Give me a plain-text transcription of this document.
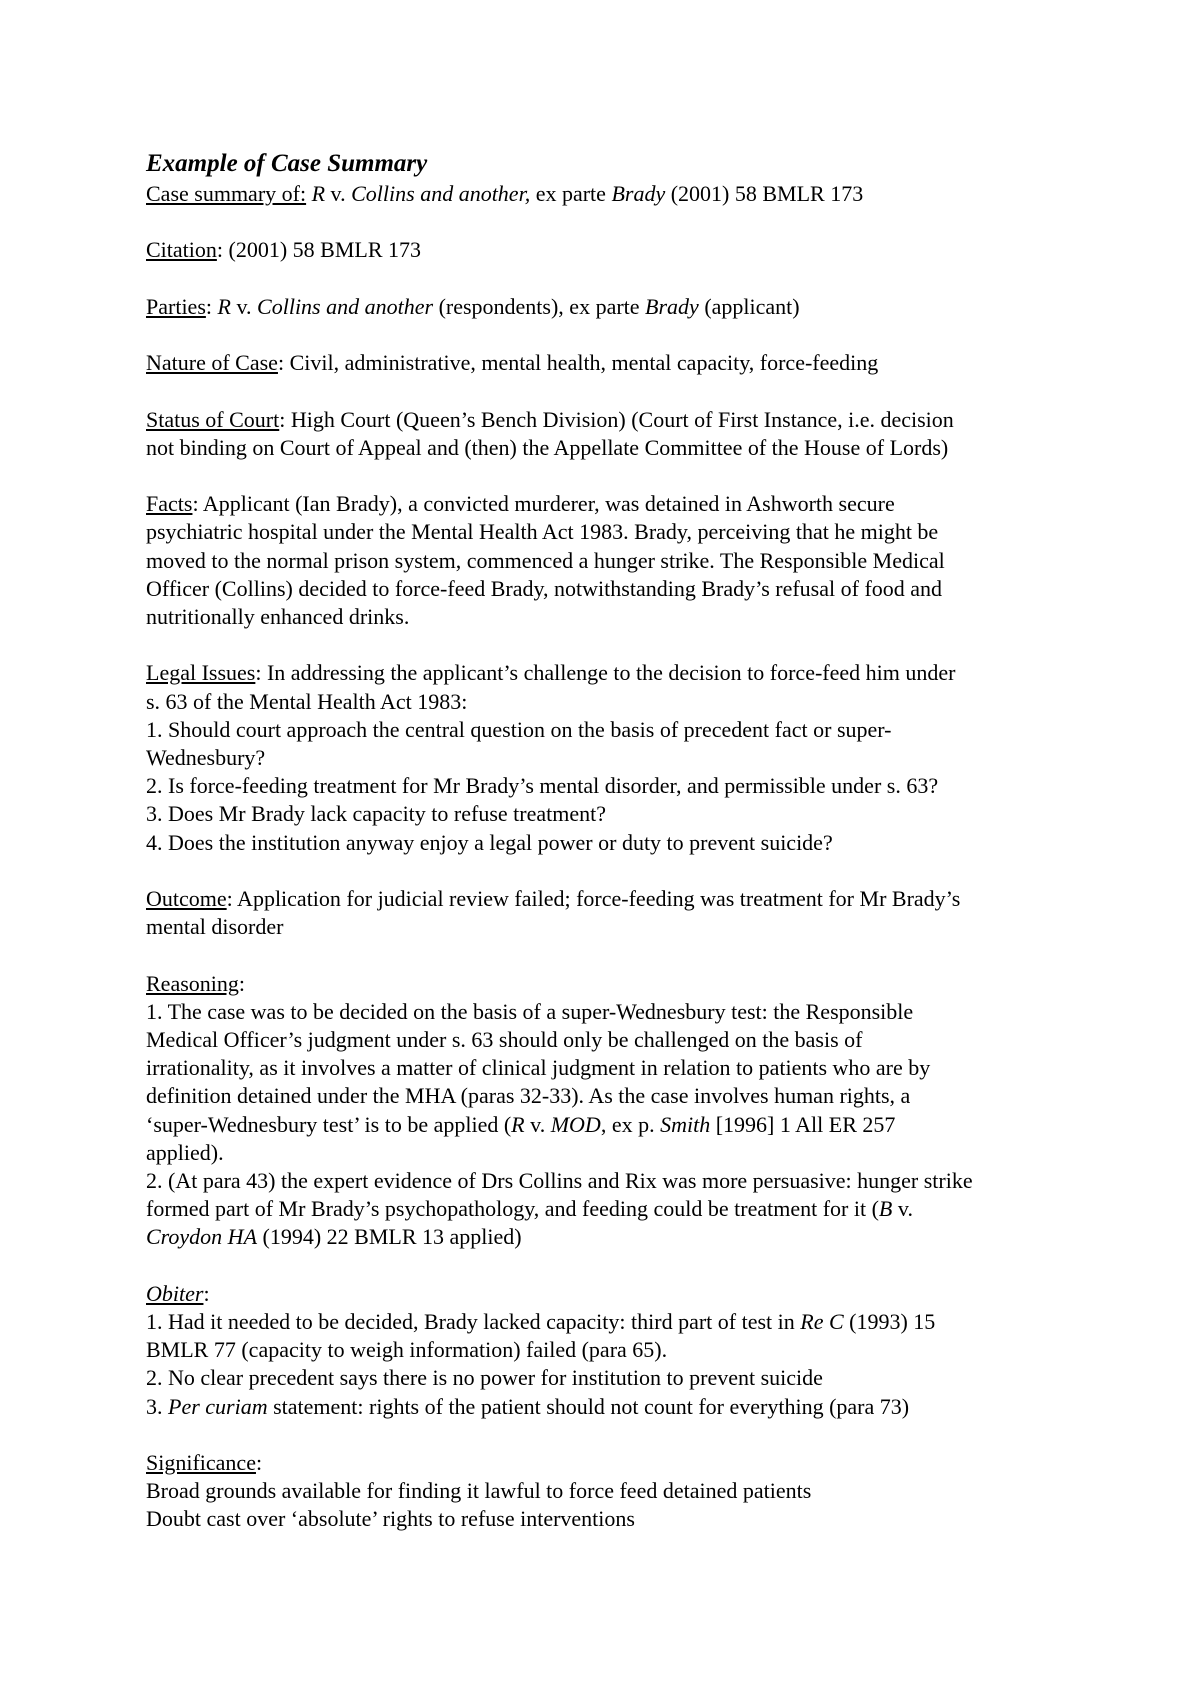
Example of Case Summary

Case summary of: R v. Collins and another, ex parte Brady (2001) 58 BMLR 173

Citation: (2001) 58 BMLR 173

Parties: R v. Collins and another (respondents), ex parte Brady (applicant)

Nature of Case: Civil, administrative, mental health, mental capacity, force-feeding

Status of Court: High Court (Queen’s Bench Division) (Court of First Instance, i.e. decision

not binding on Court of Appeal and (then) the Appellate Committee of the House of Lords)

Facts: Applicant (Ian Brady), a convicted murderer, was detained in Ashworth secure

psychiatric hospital under the Mental Health Act 1983. Brady, perceiving that he might be

moved to the normal prison system, commenced a hunger strike. The Responsible Medical

Officer (Collins) decided to force-feed Brady, notwithstanding Brady’s refusal of food and

nutritionally enhanced drinks.

Legal Issues: In addressing the applicant’s challenge to the decision to force-feed him under

s. 63 of the Mental Health Act 1983:

1. Should court approach the central question on the basis of precedent fact or super-

Wednesbury?

2. Is force-feeding treatment for Mr Brady’s mental disorder, and permissible under s. 63?

3. Does Mr Brady lack capacity to refuse treatment?

4. Does the institution anyway enjoy a legal power or duty to prevent suicide?

Outcome: Application for judicial review failed; force-feeding was treatment for Mr Brady’s

mental disorder

Reasoning:

1. The case was to be decided on the basis of a super-Wednesbury test: the Responsible

Medical Officer’s judgment under s. 63 should only be challenged on the basis of

irrationality, as it involves a matter of clinical judgment in relation to patients who are by

definition detained under the MHA (paras 32-33). As the case involves human rights, a

‘super-Wednesbury test’ is to be applied (R v. MOD, ex p. Smith [1996] 1 All ER 257

applied).

2. (At para 43) the expert evidence of Drs Collins and Rix was more persuasive: hunger strike

formed part of Mr Brady’s psychopathology, and feeding could be treatment for it (B v.

Croydon HA (1994) 22 BMLR 13 applied)

Obiter:

1. Had it needed to be decided, Brady lacked capacity: third part of test in Re C (1993) 15

BMLR 77 (capacity to weigh information) failed (para 65).

2. No clear precedent says there is no power for institution to prevent suicide

3. Per curiam statement: rights of the patient should not count for everything (para 73)

Significance:

Broad grounds available for finding it lawful to force feed detained patients

Doubt cast over ‘absolute’ rights to refuse interventions
